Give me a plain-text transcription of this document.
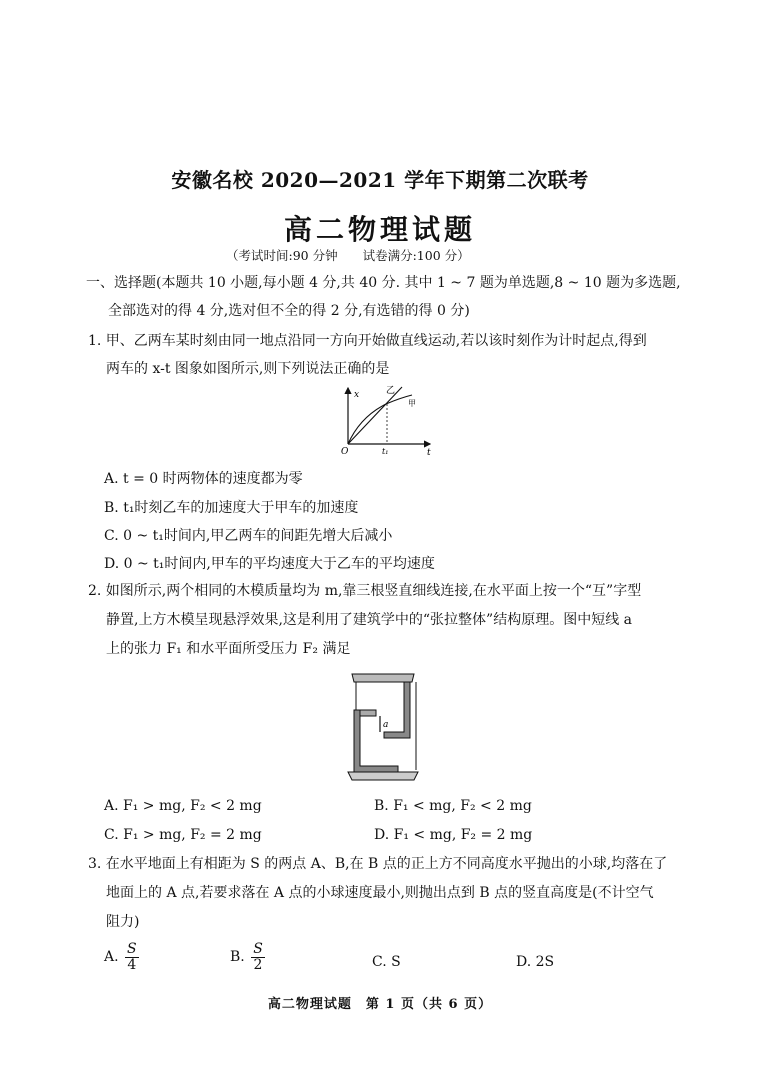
安徽名校 2020—2021 学年下期第二次联考
高二物理试题
（考试时间:90 分钟　　试卷满分:100 分）
一、选择题(本题共 10 小题,每小题 4 分,共 40 分. 其中 1 ~ 7 题为单选题,8 ~ 10 题为多选题,
全部选对的得 4 分,选对但不全的得 2 分,有选错的得 0 分)
1. 甲、乙两车某时刻由同一地点沿同一方向开始做直线运动,若以该时刻作为计时起点,得到
两车的 x-t 图象如图所示,则下列说法正确的是
x
t
O	t₁
乙
甲
A. t = 0 时两物体的速度都为零
B. t₁时刻乙车的加速度大于甲车的加速度
C. 0 ~ t₁时间内,甲乙两车的间距先增大后减小
D. 0 ~ t₁时间内,甲车的平均速度大于乙车的平均速度
2. 如图所示,两个相同的木模质量均为 m,靠三根竖直细线连接,在水平面上按一个“互”字型
静置,上方木模呈现悬浮效果,这是利用了建筑学中的“张拉整体”结构原理。图中短线 a
上的张力 F₁ 和水平面所受压力 F₂ 满足
a
A. F₁ > mg, F₂ < 2 mg	B. F₁ < mg, F₂ < 2 mg
C. F₁ > mg, F₂ = 2 mg	D. F₁ < mg, F₂ = 2 mg
3. 在水平地面上有相距为 S 的两点 A、B,在 B 点的正上方不同高度水平抛出的小球,均落在了
地面上的 A 点,若要求落在 A 点的小球速度最小,则抛出点到 B 点的竖直高度是(不计空气
阻力)
A. $\frac{S}{4}$	B. $\frac{S}{2}$	C. S	D. 2S
高二物理试题　第 1 页（共 6 页）
